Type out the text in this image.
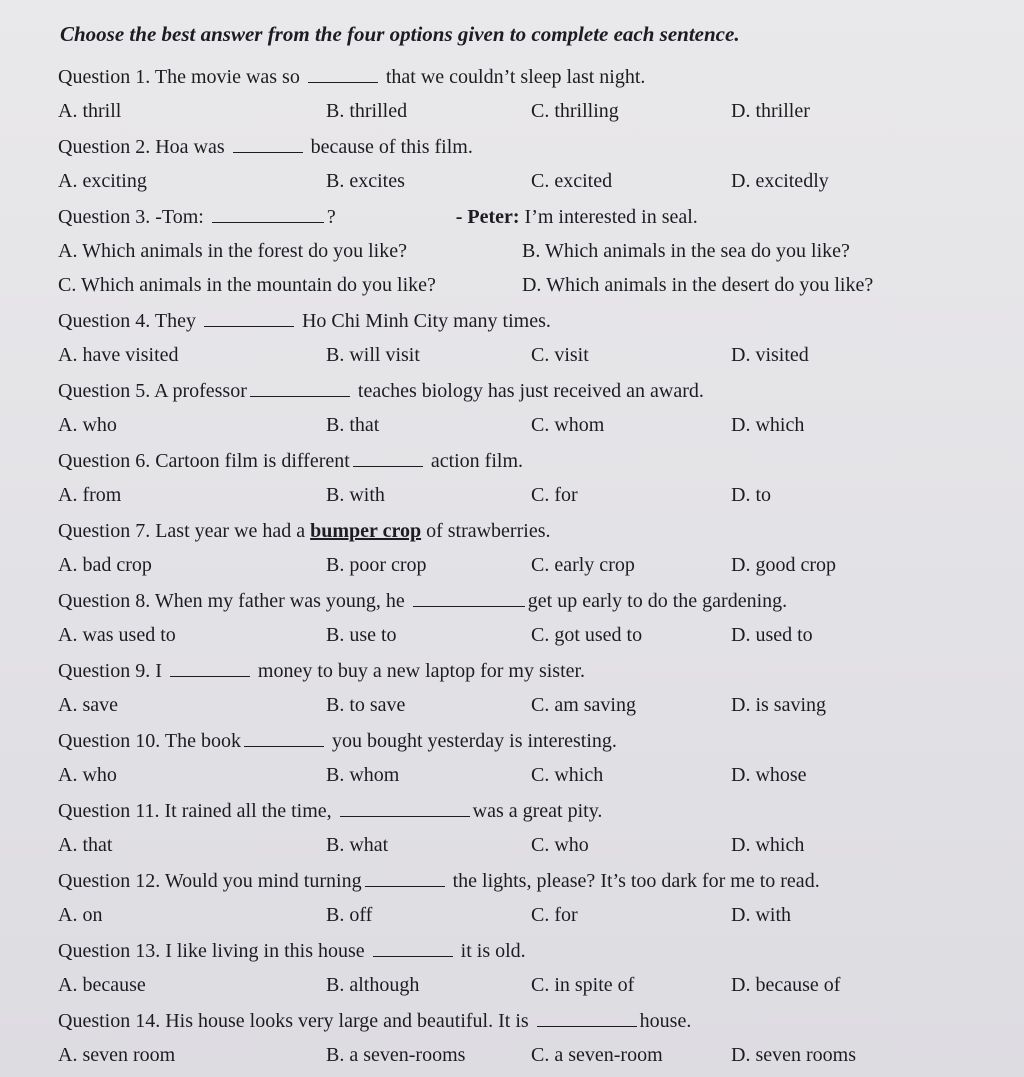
Choose the best answer from the four options given to complete each sentence.
Question 1. The movie was so	that we couldn’t sleep last night.
A. thrill	B. thrilled	C. thrilling	D. thriller
Question 2. Hoa was	because of this film.
A. exciting	B. excites	C. excited	D. excitedly
Question 3. -Tom:	?	- Peter: I’m interested in seal.
A. Which animals in the forest do you like?	B. Which animals in the sea do you like?
C. Which animals in the mountain do you like?	D. Which animals in the desert do you like?
Question 4. They	Ho Chi Minh City many times.
A. have visited	B. will visit	C. visit	D. visited
Question 5. A professor	teaches biology has just received an award.
A. who	B. that	C. whom	D. which
Question 6. Cartoon film is different	action film.
A. from	B. with	C. for	D. to
Question 7. Last year we had a bumper crop of strawberries.
A. bad crop	B. poor crop	C. early crop	D. good crop
Question 8. When my father was young, he	get up early to do the gardening.
A. was used to	B. use to	C. got used to	D. used to
Question 9. I	money to buy a new laptop for my sister.
A. save	B. to save	C. am saving	D. is saving
Question 10. The book	you bought yesterday is interesting.
A. who	B. whom	C. which	D. whose
Question 11. It rained all the time,	was a great pity.
A. that	B. what	C. who	D. which
Question 12. Would you mind turning	the lights, please? It’s too dark for me to read.
A. on	B. off	C. for	D. with
Question 13. I like living in this house	it is old.
A. because	B. although	C. in spite of	D. because of
Question 14. His house looks very large and beautiful. It is	house.
A. seven room	B. a seven-rooms	C. a seven-room	D. seven rooms
